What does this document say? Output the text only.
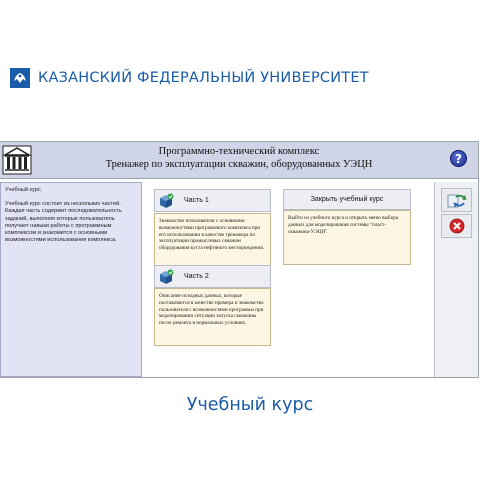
КАЗАНСКИЙ ФЕДЕРАЛЬНЫЙ УНИВЕРСИТЕТ
Программно-технический комплекс
Тренажер по эксплуатации скважин, оборудованных УЭЦН	?

Учебный курс.

Учебный курс состоит из нескольких частей. Каждая часть содержит последовательность заданий, выполняя которые пользователь получает навыки работы с программным комплексом и знакомится с основными возможностями использования комплекса.

Часть 1
Знакомство пользователя с основными возможностями программного комплекса при его использовании в качестве тренажера по эксплуатации промысловых скважин оборудования куста нефтяного месторождения.
Часть 2
Описание исходных данных, которые поставляются в качестве примера и знакомство пользователя с возможностями программы при моделировании ситуации запуска скважины после ремонта в нормальных условиях.
Закрыть учебный курс
Выйти из учебного курса и открыть меню выбора данных для моделирования системы "пласт-скважина-УЭЦН".
Учебный курс
